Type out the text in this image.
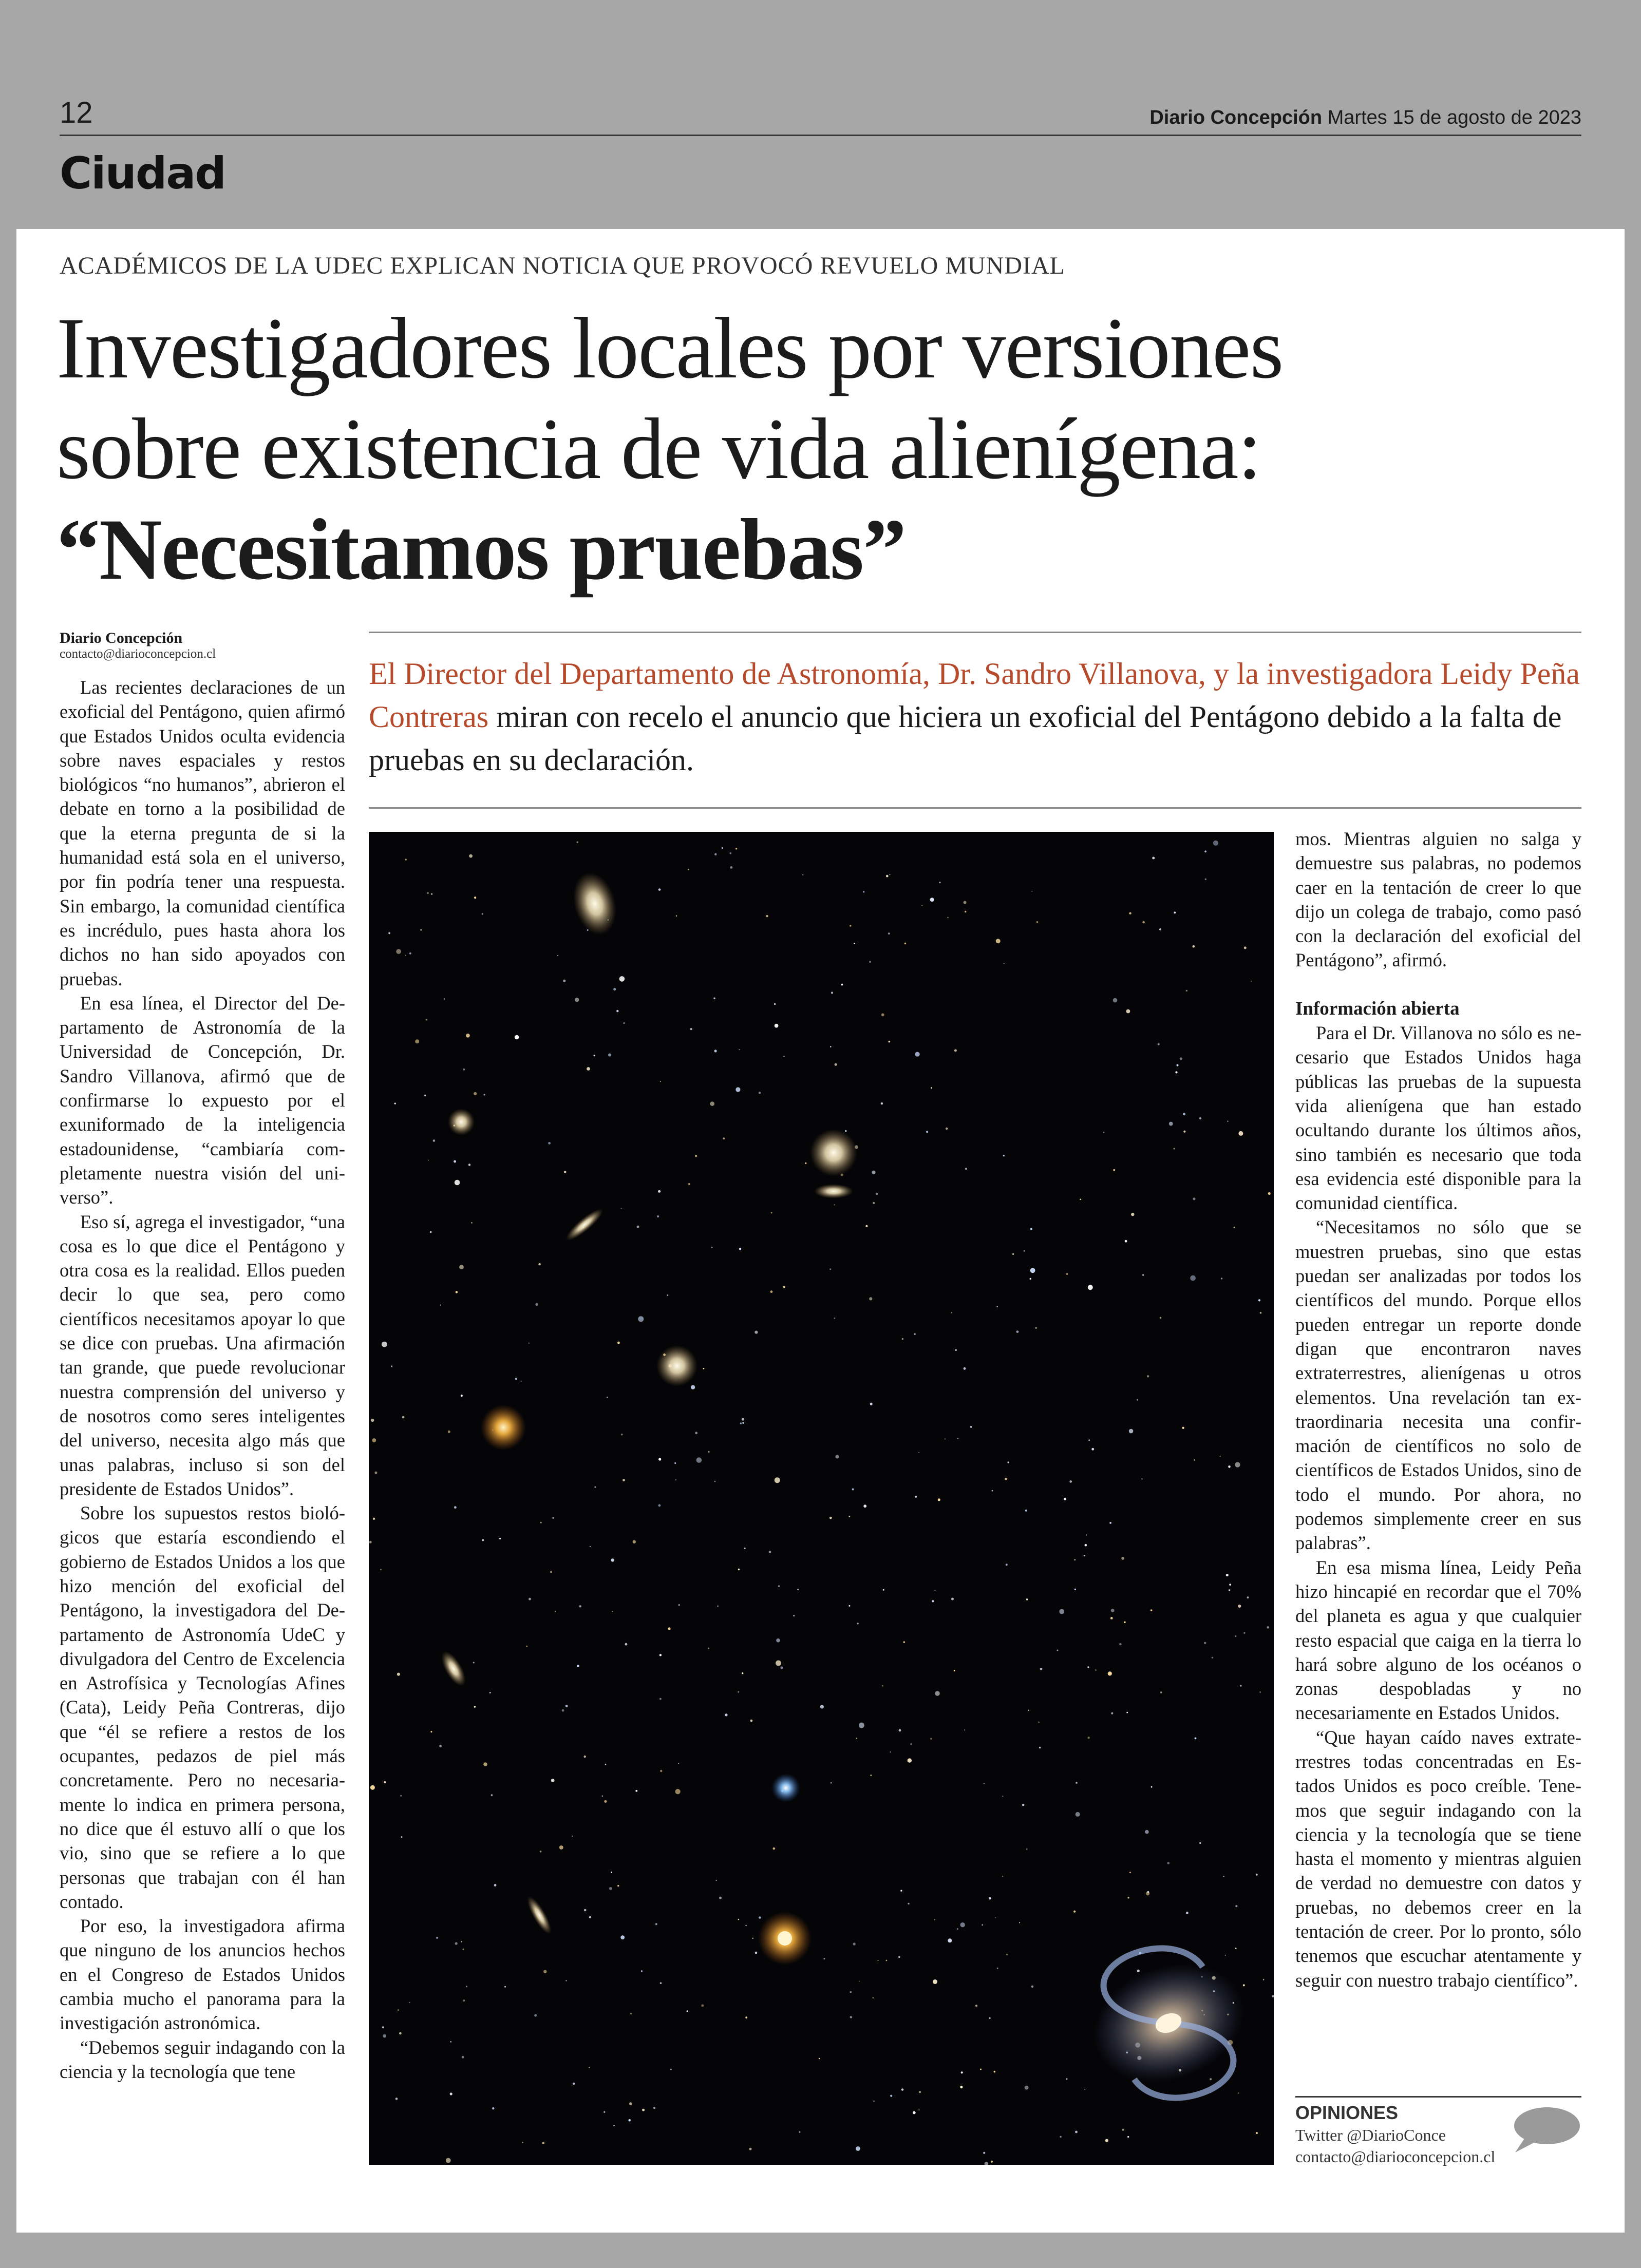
12	Diario Concepción Martes 15 de agosto de 2023
Ciudad
ACADÉMICOS DE LA UDEC EXPLICAN NOTICIA QUE PROVOCÓ REVUELO MUNDIAL
Investigadores locales por versiones
sobre existencia de vida alienígena:
“Necesitamos pruebas”
Diario Concepción
contacto@diarioconcepcion.cl
El Director del Departamento de Astronomía, Dr. Sandro Villanova, y la investigadora Leidy Peña Contreras miran con recelo el anuncio que hiciera un exoficial del Pentágono debido a la falta de pruebas en su declaración.

Las recientes declaraciones de un exoficial del Pentágono, quien afirmó que Estados Unidos oculta evidencia sobre naves espaciales y restos biológicos “no humanos”, abrieron el debate en torno a la posibilidad de que la eterna pregunta de si la humanidad está sola en el universo, por fin podría tener una respuesta. Sin embargo, la comunidad científica es incrédulo, pues hasta ahora los dichos no han sido apoyados con pruebas.

En esa línea, el Director del Departamento de Astronomía de la Universidad de Concepción, Dr. Sandro Villanova, afirmó que de confirmarse lo expuesto por el exuniformado de la inteligencia estadounidense, “cambiaría completamente nuestra visión del universo”.

Eso sí, agrega el investigador, “una cosa es lo que dice el Pentágono y otra cosa es la realidad. Ellos pueden decir lo que sea, pero como científicos necesitamos apoyar lo que se dice con pruebas. Una afirmación tan grande, que puede revolucionar nuestra comprensión del universo y de nosotros como seres inteligentes del universo, necesita algo más que unas palabras, incluso si son del presidente de Estados Unidos”.

Sobre los supuestos restos biológicos que estaría escondiendo el gobierno de Estados Unidos a los que hizo mención del exoficial del Pentágono, la investigadora del Departamento de Astronomía UdeC y divulgadora del Centro de Excelencia en Astrofísica y Tecnologías Afines (Cata), Leidy Peña Contreras, dijo que “él se refiere a restos de los ocupantes, pedazos de piel más concretamente. Pero no necesariamente lo indica en primera persona, no dice que él estuvo allí o que los vio, sino que se refiere a lo que personas que trabajan con él han contado.

Por eso, la investigadora afirma que ninguno de los anuncios hechos en el Congreso de Estados Unidos cambia mucho el panorama para la investigación astronómica.

“Debemos seguir indagando con la ciencia y la tecnología que tene

mos. Mientras alguien no salga y demuestre sus palabras, no podemos caer en la tentación de creer lo que dijo un colega de trabajo, como pasó con la declaración del exoficial del Pentágono”, afirmó.

Información abierta

Para el Dr. Villanova no sólo es necesario que Estados Unidos haga públicas las pruebas de la supuesta vida alienígena que han estado ocultando durante los últimos años, sino también es necesario que toda esa evidencia esté disponible para la comunidad científica.

“Necesitamos no sólo que se muestren pruebas, sino que estas puedan ser analizadas por todos los científicos del mundo. Porque ellos pueden entregar un reporte donde digan que encontraron naves extraterrestres, alienígenas u otros elementos. Una revelación tan extraordinaria necesita una confirmación de científicos no solo de científicos de Estados Unidos, sino de todo el mundo. Por ahora, no podemos simplemente creer en sus palabras”.

En esa misma línea, Leidy Peña hizo hincapié en recordar que el 70% del planeta es agua y que cualquier resto espacial que caiga en la tierra lo hará sobre alguno de los océanos o zonas despobladas y no necesariamente en Estados Unidos.

“Que hayan caído naves extraterrestres todas concentradas en Estados Unidos es poco creíble. Tenemos que seguir indagando con la ciencia y la tecnología que se tiene hasta el momento y mientras alguien de verdad no demuestre con datos y pruebas, no debemos creer en la tentación de creer. Por lo pronto, sólo tenemos que escuchar atentamente y seguir con nuestro trabajo científico”.

OPINIONES
Twitter @DiarioConce
contacto@diarioconcepcion.cl
